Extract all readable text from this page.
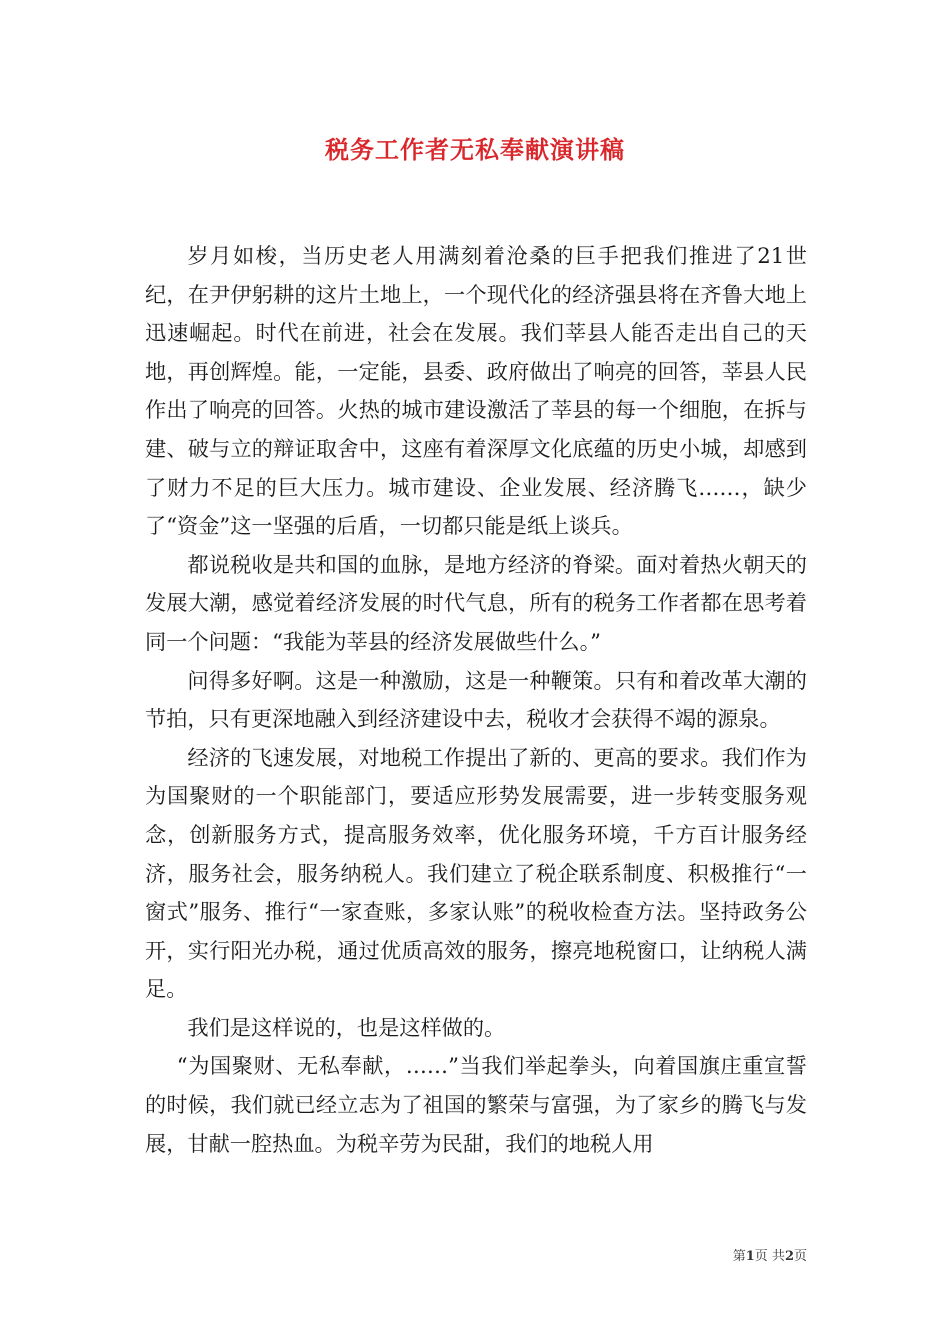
税务工作者无私奉献演讲稿

岁月如梭，当历史老人用满刻着沧桑的巨手把我们推进了21世纪，在尹伊躬耕的这片土地上，一个现代化的经济强县将在齐鲁大地上迅速崛起。时代在前进，社会在发展。我们莘县人能否走出自己的天地，再创辉煌。能，一定能，县委、政府做出了响亮的回答，莘县人民作出了响亮的回答。火热的城市建设激活了莘县的每一个细胞，在拆与建、破与立的辩证取舍中，这座有着深厚文化底蕴的历史小城，却感到了财力不足的巨大压力。城市建设、企业发展、经济腾飞……，缺少了“资金”这一坚强的后盾，一切都只能是纸上谈兵。

都说税收是共和国的血脉，是地方经济的脊梁。面对着热火朝天的发展大潮，感觉着经济发展的时代气息，所有的税务工作者都在思考着同一个问题：“我能为莘县的经济发展做些什么。”

问得多好啊。这是一种激励，这是一种鞭策。只有和着改革大潮的节拍，只有更深地融入到经济建设中去，税收才会获得不竭的源泉。

经济的飞速发展，对地税工作提出了新的、更高的要求。我们作为为国聚财的一个职能部门，要适应形势发展需要，进一步转变服务观念，创新服务方式，提高服务效率，优化服务环境，千方百计服务经济，服务社会，服务纳税人。我们建立了税企联系制度、积极推行“一窗式”服务、推行“一家查账，多家认账”的税收检查方法。坚持政务公开，实行阳光办税，通过优质高效的服务，擦亮地税窗口，让纳税人满足。

我们是这样说的，也是这样做的。

“为国聚财、无私奉献，……”当我们举起拳头，向着国旗庄重宣誓的时候，我们就已经立志为了祖国的繁荣与富强，为了家乡的腾飞与发展，甘献一腔热血。为税辛劳为民甜，我们的地税人用

第1页 共2页
